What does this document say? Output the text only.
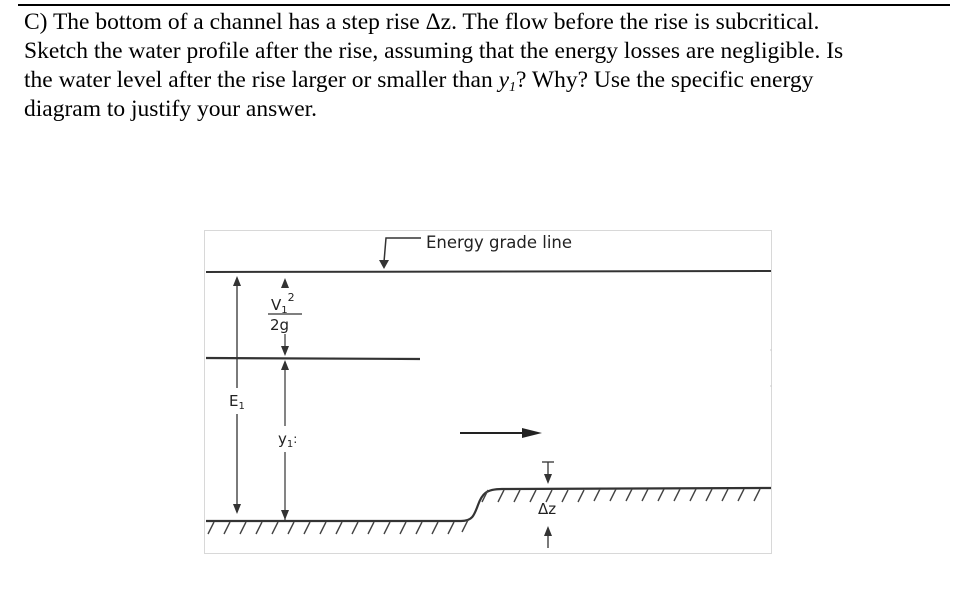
C) The bottom of a channel has a step rise Δz. The flow before the rise is subcritical.

Sketch the water profile after the rise, assuming that the energy losses are negligible. Is

the water level after the rise larger or smaller than $y_1$? Why? Use the specific energy

diagram to justify your answer.

Energy grade line
$E_1$
$V_1^2$
2g
$y_1^:$
Δz
